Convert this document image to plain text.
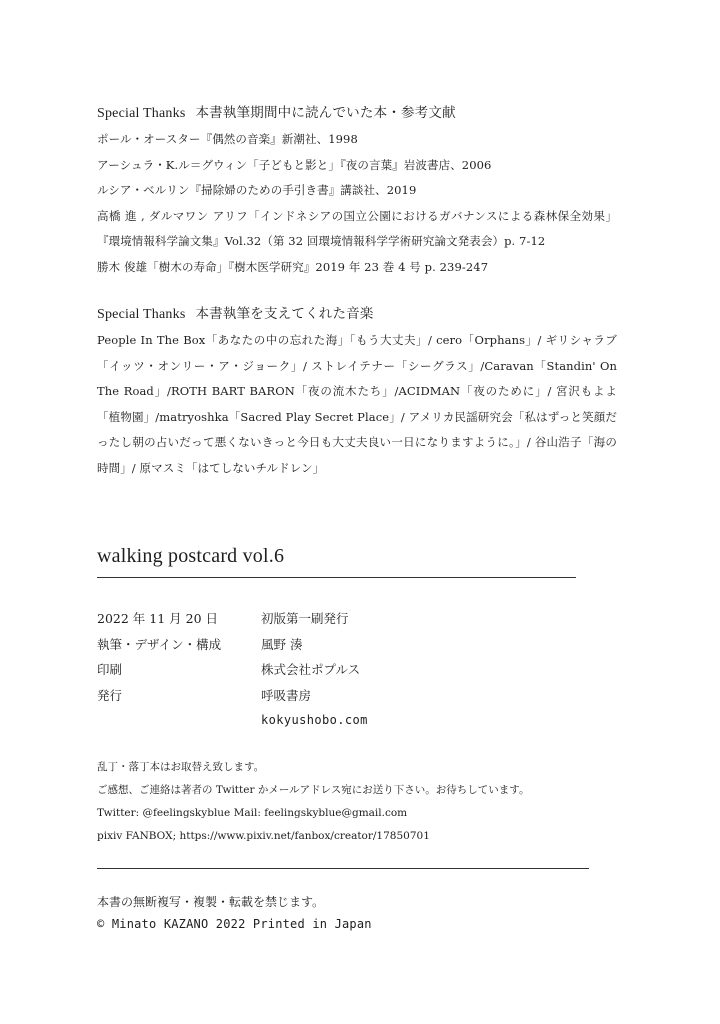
Special Thanks 本書執筆期間中に読んでいた本・参考文献
ポール・オースター『偶然の音楽』新潮社、1998
アーシュラ・K.ル＝グウィン「子どもと影と」『夜の言葉』岩波書店、2006
ルシア・ベルリン『掃除婦のための手引き書』講談社、2019
高橋 進 , ダルマワン アリフ「インドネシアの国立公園におけるガバナンスによる森林保全効果」『環境情報科学論文集』Vol.32（第 32 回環境情報科学学術研究論文発表会）p. 7-12
勝木 俊雄「樹木の寿命」『樹木医学研究』2019 年 23 巻 4 号 p. 239-247
Special Thanks 本書執筆を支えてくれた音楽
People In The Box「あなたの中の忘れた海」「もう大丈夫」/ cero「Orphans」/ ギリシャラブ「イッツ・オンリー・ア・ジョーク」/ ストレイテナー「シーグラス」/Caravan「Standin' On The Road」/ROTH BART BARON「夜の流木たち」/ACIDMAN「夜のために」/ 宮沢もよよ「植物園」/matryoshka「Sacred Play Secret Place」/ アメリカ民謡研究会「私はずっと笑顔だったし朝の占いだって悪くないきっと今日も大丈夫良い一日になりますように。」/ 谷山浩子「海の時間」/ 原マスミ「はてしないチルドレン」
walking postcard vol.6
2022 年 11 月 20 日	初版第一刷発行
執筆・デザイン・構成	風野 湊
印刷	株式会社ポプルス
発行	呼吸書房
kokyushobo.com
乱丁・落丁本はお取替え致します。
ご感想、ご連絡は著者の Twitter かメールアドレス宛にお送り下さい。お待ちしています。
Twitter: @feelingskyblue Mail: feelingskyblue@gmail.com
pixiv FANBOX; https://www.pixiv.net/fanbox/creator/17850701
本書の無断複写・複製・転載を禁じます。
© Minato KAZANO 2022 Printed in Japan
